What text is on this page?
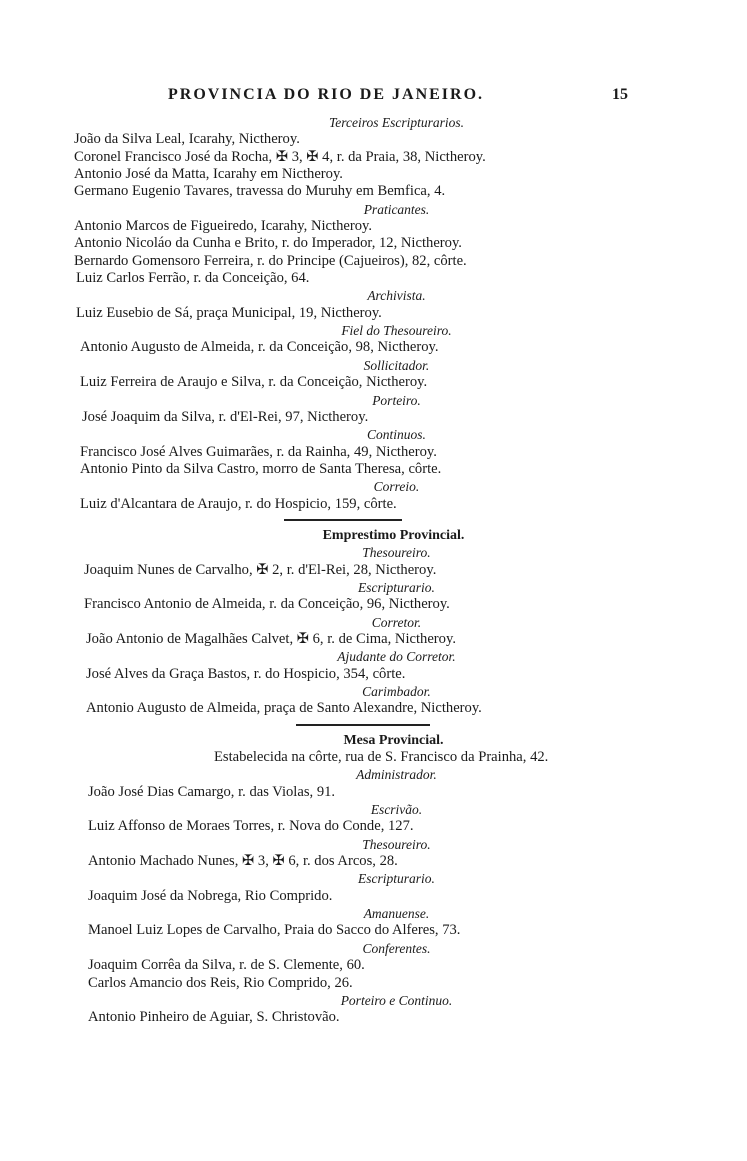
PROVINCIA DO RIO DE JANEIRO.	15
Terceiros Escripturarios.
João da Silva Leal, Icarahy, Nictheroy.
Coronel Francisco José da Rocha, ✠ 3, ✠ 4, r. da Praia, 38, Nictheroy.
Antonio José da Matta, Icarahy em Nictheroy.
Germano Eugenio Tavares, travessa do Muruhy em Bemfica, 4.
Praticantes.
Antonio Marcos de Figueiredo, Icarahy, Nictheroy.
Antonio Nicoláo da Cunha e Brito, r. do Imperador, 12, Nictheroy.
Bernardo Gomensoro Ferreira, r. do Principe (Cajueiros), 82, côrte.
Luiz Carlos Ferrão, r. da Conceição, 64.
Archivista.
Luiz Eusebio de Sá, praça Municipal, 19, Nictheroy.
Fiel do Thesoureiro.
Antonio Augusto de Almeida, r. da Conceição, 98, Nictheroy.
Sollicitador.
Luiz Ferreira de Araujo e Silva, r. da Conceição, Nictheroy.
Porteiro.
José Joaquim da Silva, r. d'El-Rei, 97, Nictheroy.
Continuos.
Francisco José Alves Guimarães, r. da Rainha, 49, Nictheroy.
Antonio Pinto da Silva Castro, morro de Santa Theresa, côrte.
Correio.
Luiz d'Alcantara de Araujo, r. do Hospicio, 159, côrte.
Emprestimo Provincial.
Thesoureiro.
Joaquim Nunes de Carvalho, ✠ 2, r. d'El-Rei, 28, Nictheroy.
Escripturario.
Francisco Antonio de Almeida, r. da Conceição, 96, Nictheroy.
Corretor.
João Antonio de Magalhães Calvet, ✠ 6, r. de Cima, Nictheroy.
Ajudante do Corretor.
José Alves da Graça Bastos, r. do Hospicio, 354, côrte.
Carimbador.
Antonio Augusto de Almeida, praça de Santo Alexandre, Nictheroy.
Mesa Provincial.
Estabelecida na côrte, rua de S. Francisco da Prainha, 42.
Administrador.
João José Dias Camargo, r. das Violas, 91.
Escrivão.
Luiz Affonso de Moraes Torres, r. Nova do Conde, 127.
Thesoureiro.
Antonio Machado Nunes, ✠ 3, ✠ 6, r. dos Arcos, 28.
Escripturario.
Joaquim José da Nobrega, Rio Comprido.
Amanuense.
Manoel Luiz Lopes de Carvalho, Praia do Sacco do Alferes, 73.
Conferentes.
Joaquim Corrêa da Silva, r. de S. Clemente, 60.
Carlos Amancio dos Reis, Rio Comprido, 26.
Porteiro e Continuo.
Antonio Pinheiro de Aguiar, S. Christovão.
